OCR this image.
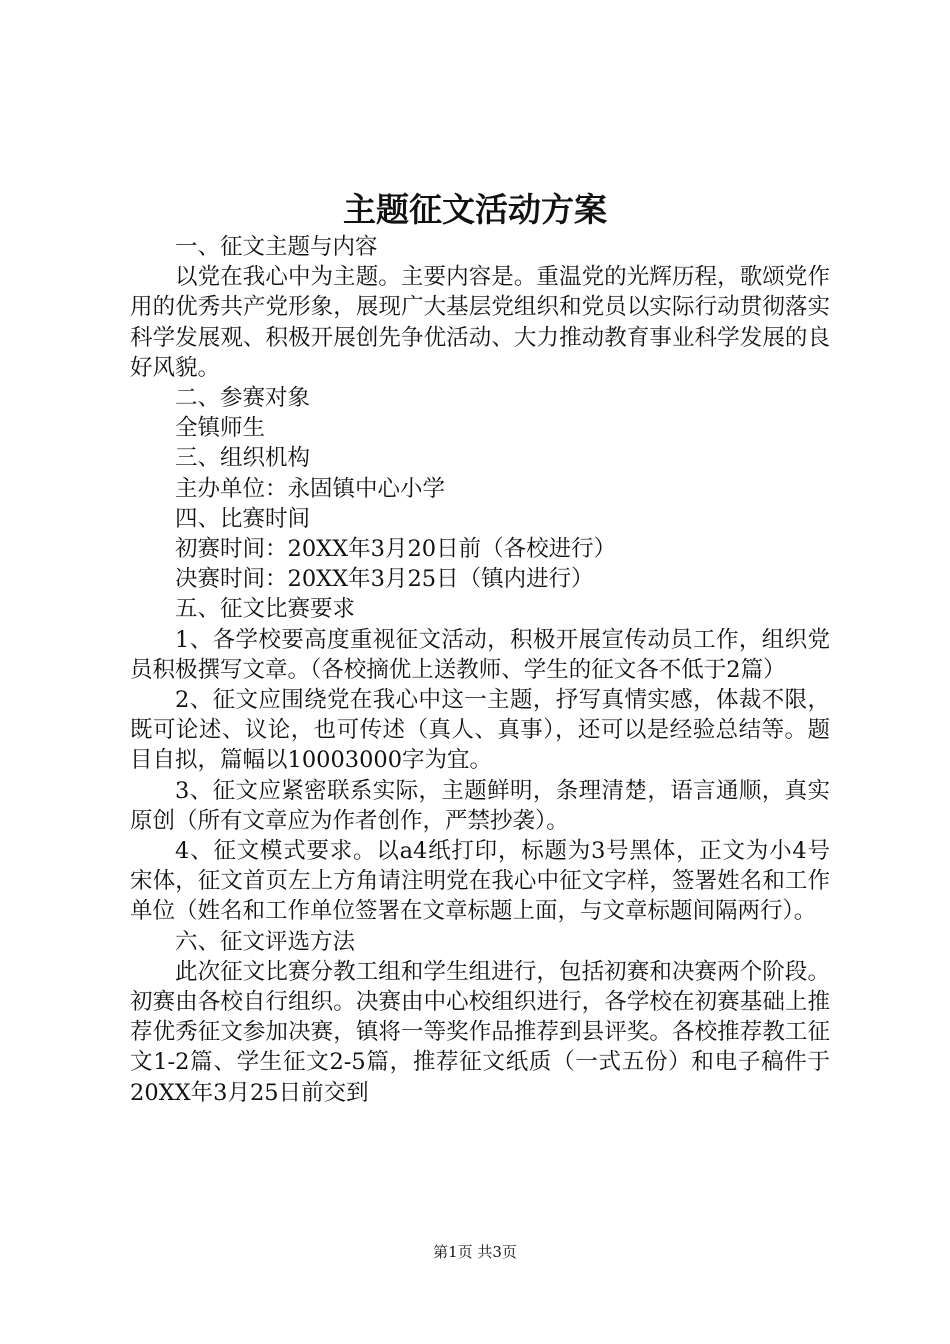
主题征文活动方案

一、征文主题与内容

以党在我心中为主题。主要内容是。重温党的光辉历程，歌颂党作用的优秀共产党形象，展现广大基层党组织和党员以实际行动贯彻落实科学发展观、积极开展创先争优活动、大力推动教育事业科学发展的良好风貌。

二、参赛对象

全镇师生

三、组织机构

主办单位：永固镇中心小学

四、比赛时间

初赛时间：20XX年3月20日前（各校进行）

决赛时间：20XX年3月25日（镇内进行）

五、征文比赛要求

1、各学校要高度重视征文活动，积极开展宣传动员工作，组织党员积极撰写文章。（各校摘优上送教师、学生的征文各不低于2篇）

2、征文应围绕党在我心中这一主题，抒写真情实感，体裁不限，既可论述、议论，也可传述（真人、真事），还可以是经验总结等。题目自拟，篇幅以10003000字为宜。

3、征文应紧密联系实际，主题鲜明，条理清楚，语言通顺，真实原创（所有文章应为作者创作，严禁抄袭）。

4、征文模式要求。以a4纸打印，标题为3号黑体，正文为小4号宋体，征文首页左上方角请注明党在我心中征文字样，签署姓名和工作单位（姓名和工作单位签署在文章标题上面，与文章标题间隔两行）。

六、征文评选方法

此次征文比赛分教工组和学生组进行，包括初赛和决赛两个阶段。初赛由各校自行组织。决赛由中心校组织进行，各学校在初赛基础上推荐优秀征文参加决赛，镇将一等奖作品推荐到县评奖。各校推荐教工征文1-2篇、学生征文2-5篇，推荐征文纸质（一式五份）和电子稿件于20XX年3月25日前交到

第1页 共3页
